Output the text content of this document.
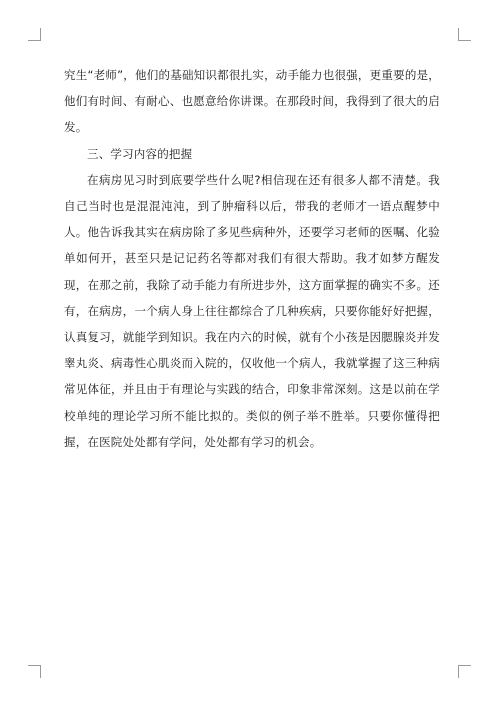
究生“老师”，他们的基础知识都很扎实，动手能力也很强，更重要的是，他们有时间、有耐心、也愿意给你讲课。在那段时间，我得到了很大的启发。

三、学习内容的把握

在病房见习时到底要学些什么呢?相信现在还有很多人都不清楚。我自己当时也是混混沌沌，到了肿瘤科以后，带我的老师才一语点醒梦中人。他告诉我其实在病房除了多见些病种外，还要学习老师的医嘱、化验单如何开，甚至只是记记药名等都对我们有很大帮助。我才如梦方醒发现，在那之前，我除了动手能力有所进步外，这方面掌握的确实不多。还有，在病房，一个病人身上往往都综合了几种疾病，只要你能好好把握，认真复习，就能学到知识。我在内六的时候，就有个小孩是因腮腺炎并发睾丸炎、病毒性心肌炎而入院的，仅收他一个病人，我就掌握了这三种病常见体征，并且由于有理论与实践的结合，印象非常深刻。这是以前在学校单纯的理论学习所不能比拟的。类似的例子举不胜举。只要你懂得把握，在医院处处都有学问，处处都有学习的机会。
